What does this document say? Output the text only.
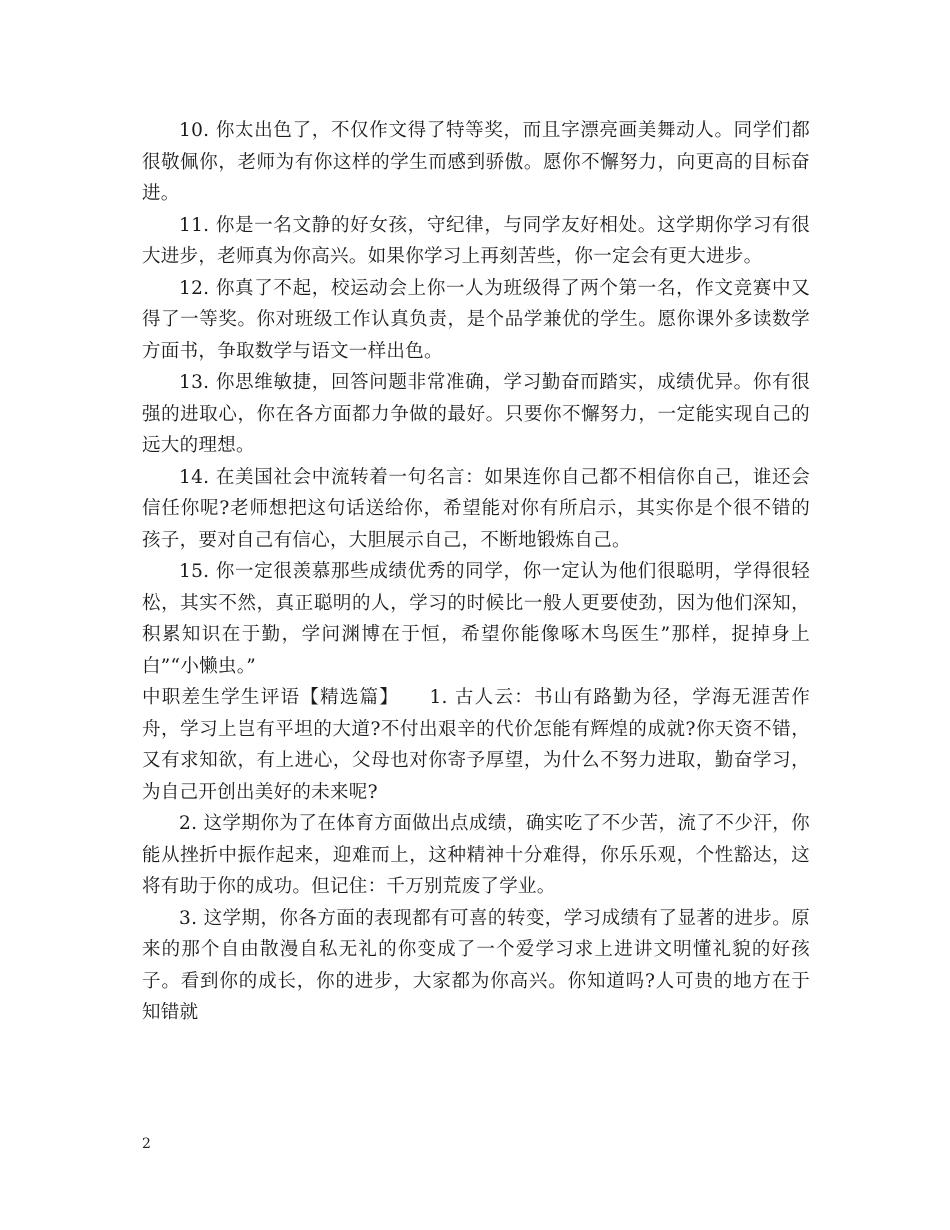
10. 你太出色了，不仅作文得了特等奖，而且字漂亮画美舞动人。同学们都很敬佩你，老师为有你这样的学生而感到骄傲。愿你不懈努力，向更高的目标奋进。

11. 你是一名文静的好女孩，守纪律，与同学友好相处。这学期你学习有很大进步，老师真为你高兴。如果你学习上再刻苦些，你一定会有更大进步。

12. 你真了不起，校运动会上你一人为班级得了两个第一名，作文竞赛中又得了一等奖。你对班级工作认真负责，是个品学兼优的学生。愿你课外多读数学方面书，争取数学与语文一样出色。

13. 你思维敏捷，回答问题非常准确，学习勤奋而踏实，成绩优异。你有很强的进取心，你在各方面都力争做的最好。只要你不懈努力，一定能实现自己的远大的理想。

14. 在美国社会中流转着一句名言：如果连你自己都不相信你自己，谁还会信任你呢?老师想把这句话送给你，希望能对你有所启示，其实你是个很不错的孩子，要对自己有信心，大胆展示自己，不断地锻炼自己。

15. 你一定很羡慕那些成绩优秀的同学，你一定认为他们很聪明，学得很轻松，其实不然，真正聪明的人，学习的时候比一般人更要使劲，因为他们深知，积累知识在于勤，学问渊博在于恒，希望你能像啄木鸟医生”那样，捉掉身上白”“小懒虫。”

中职差生学生评语【精选篇】　　1. 古人云：书山有路勤为径，学海无涯苦作舟，学习上岂有平坦的大道?不付出艰辛的代价怎能有辉煌的成就?你天资不错，又有求知欲，有上进心，父母也对你寄予厚望，为什么不努力进取，勤奋学习，为自己开创出美好的未来呢?

2. 这学期你为了在体育方面做出点成绩，确实吃了不少苦，流了不少汗，你能从挫折中振作起来，迎难而上，这种精神十分难得，你乐乐观，个性豁达，这将有助于你的成功。但记住：千万别荒废了学业。

3. 这学期，你各方面的表现都有可喜的转变，学习成绩有了显著的进步。原来的那个自由散漫自私无礼的你变成了一个爱学习求上进讲文明懂礼貌的好孩子。看到你的成长，你的进步，大家都为你高兴。你知道吗?人可贵的地方在于知错就

2
